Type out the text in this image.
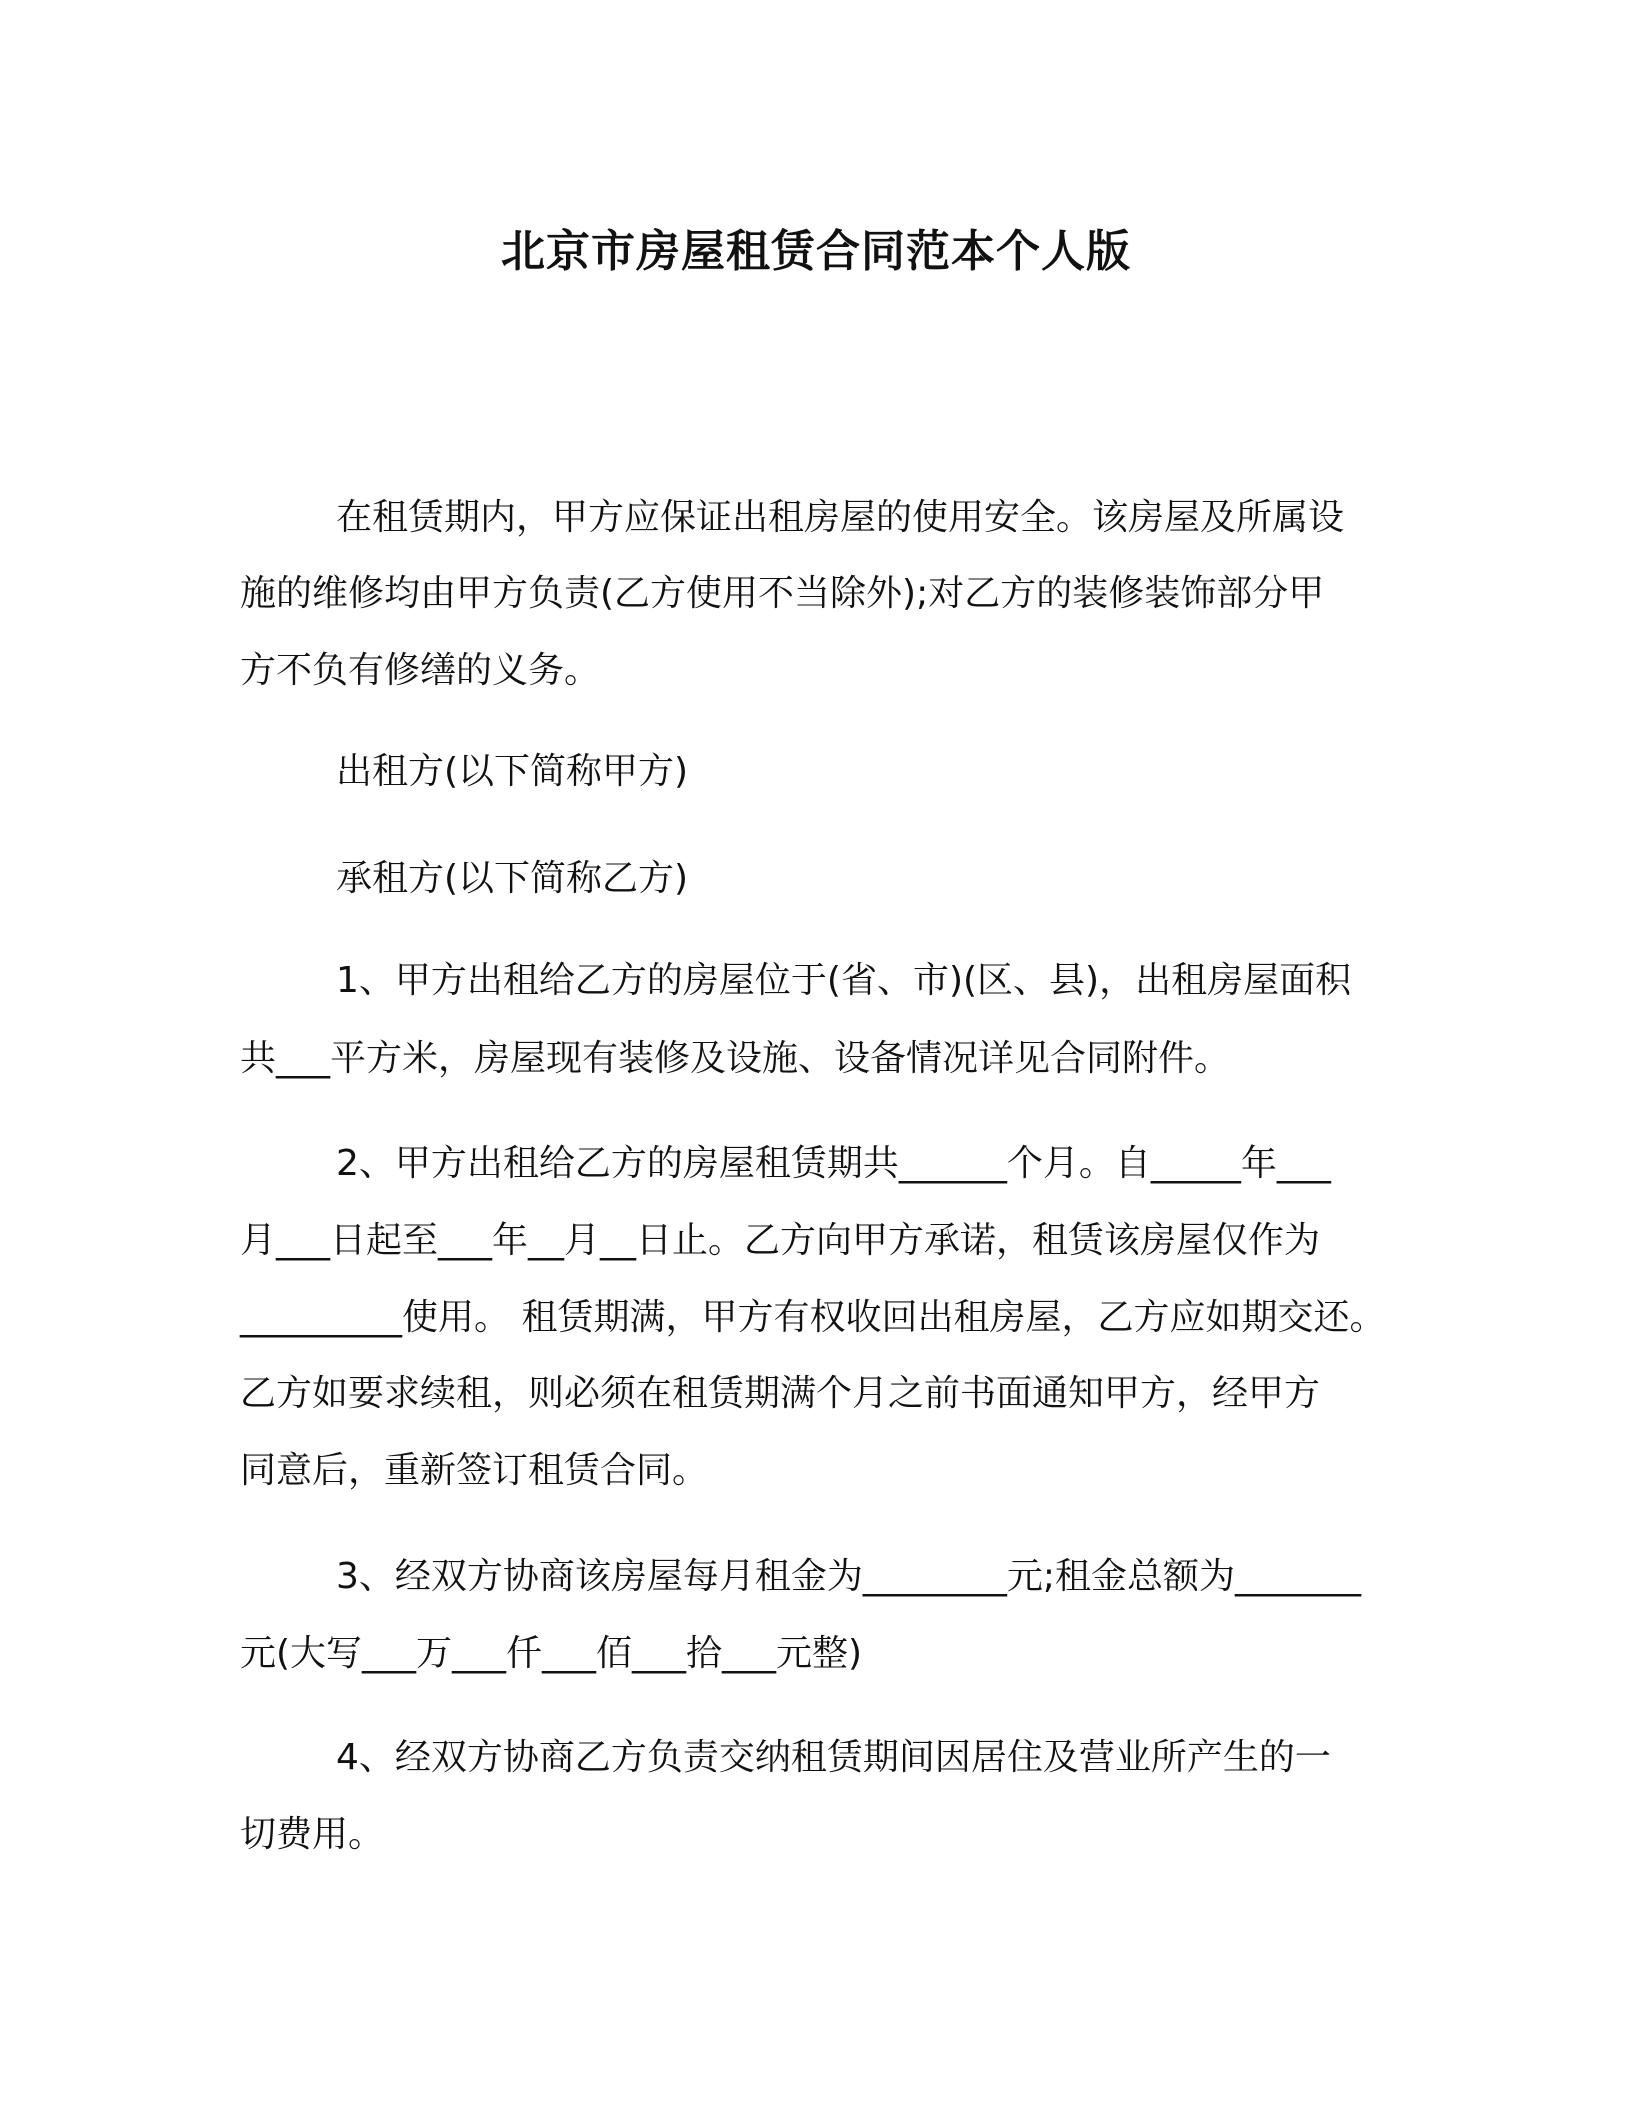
北京市房屋租赁合同范本个人版

在租赁期内，甲方应保证出租房屋的使用安全。该房屋及所属设

施的维修均由甲方负责(乙方使用不当除外);对乙方的装修装饰部分甲

方不负有修缮的义务。

出租方(以下简称甲方)

承租方(以下简称乙方)

1、甲方出租给乙方的房屋位于(省、市)(区、县)，出租房屋面积

共___平方米，房屋现有装修及设施、设备情况详见合同附件。

2、甲方出租给乙方的房屋租赁期共______个月。自_____年___

月___日起至___年__月__日止。乙方向甲方承诺，租赁该房屋仅作为

_________使用。 租赁期满，甲方有权收回出租房屋，乙方应如期交还。

乙方如要求续租，则必须在租赁期满个月之前书面通知甲方，经甲方

同意后，重新签订租赁合同。

3、经双方协商该房屋每月租金为________元;租金总额为_______

元(大写___万___仟___佰___拾___元整)

4、经双方协商乙方负责交纳租赁期间因居住及营业所产生的一

切费用。
